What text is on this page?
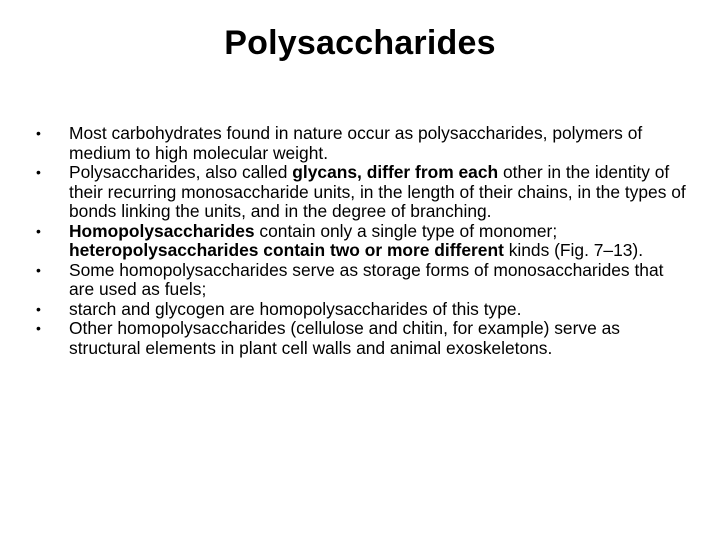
Polysaccharides
•	Most carbohydrates found in nature occur as polysaccharides, polymers of medium to high molecular weight.
•	Polysaccharides, also called glycans, differ from each other in the identity of their recurring monosaccharide units, in the length of their chains, in the types of bonds linking the units, and in the degree of branching.
•	Homopolysaccharides contain only a single type of monomer; heteropolysaccharides contain two or more different kinds (Fig. 7–13).
•	Some homopolysaccharides serve as storage forms of monosaccharides that are used as fuels;
•	starch and glycogen are homopolysaccharides of this type.
•	Other homopolysaccharides (cellulose and chitin, for example) serve as structural elements in plant cell walls and animal exoskeletons.
